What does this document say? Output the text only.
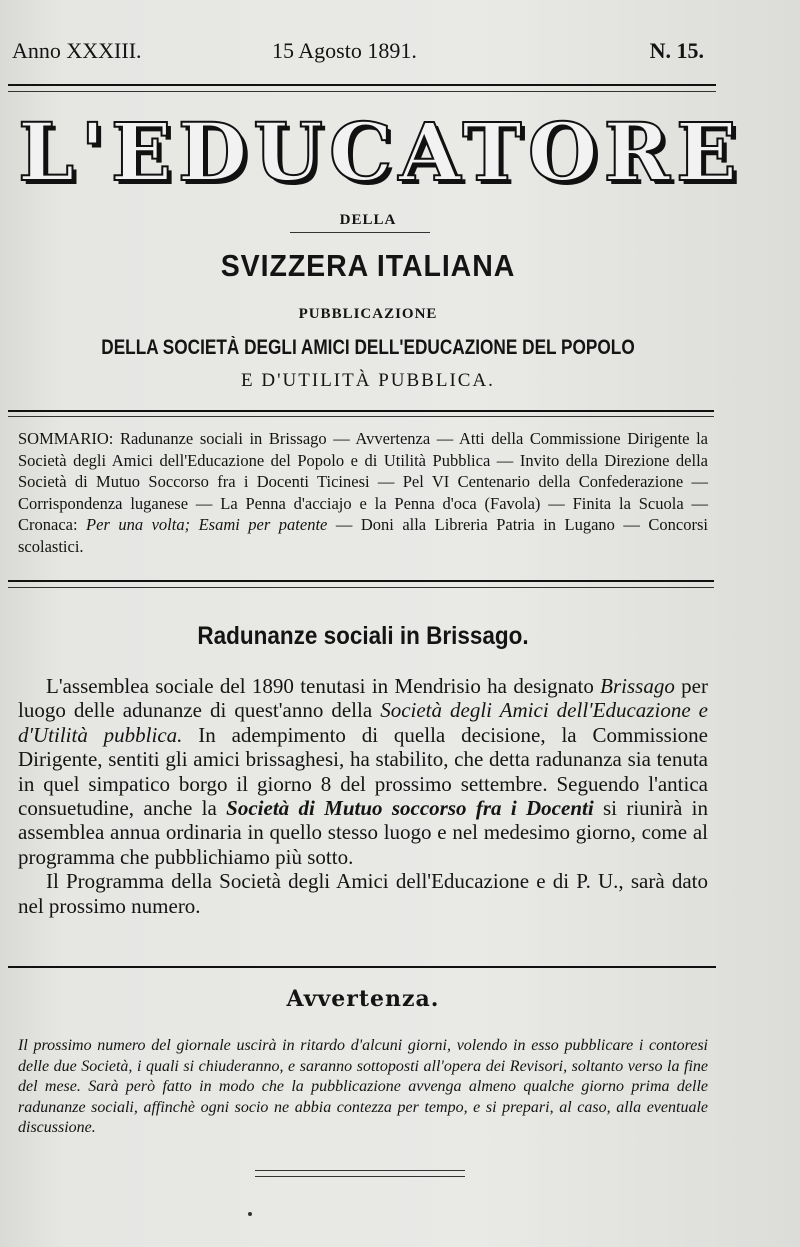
Anno XXXIII.	15 Agosto 1891.	N. 15.
L'EDUCATORE
DELLA
SVIZZERA ITALIANA
PUBBLICAZIONE
DELLA SOCIETÀ DEGLI AMICI DELL'EDUCAZIONE DEL POPOLO
E D'UTILITÀ PUBBLICA.
SOMMARIO: Radunanze sociali in Brissago — Avvertenza — Atti della Commissione Dirigente la Società degli Amici dell'Educazione del Popolo e di Utilità Pubblica — Invito della Direzione della Società di Mutuo Soccorso fra i Docenti Ticinesi — Pel VI Centenario della Confederazione — Corrispondenza luganese — La Penna d'acciajo e la Penna d'oca (Favola) — Finita la Scuola — Cronaca: Per una volta; Esami per patente — Doni alla Libreria Patria in Lugano — Concorsi scolastici.
Radunanze sociali in Brissago.

L'assemblea sociale del 1890 tenutasi in Mendrisio ha designato Brissago per luogo delle adunanze di quest'anno della Società degli Amici dell'Educazione e d'Utilità pubblica. In adempimento di quella decisione, la Commissione Dirigente, sentiti gli amici brissaghesi, ha stabilito, che detta radunanza sia tenuta in quel simpatico borgo il giorno 8 del prossimo settembre. Seguendo l'antica consuetudine, anche la Società di Mutuo soccorso fra i Docenti si riunirà in assemblea annua ordinaria in quello stesso luogo e nel medesimo giorno, come al programma che pubblichiamo più sotto.

Il Programma della Società degli Amici dell'Educazione e di P. U., sarà dato nel prossimo numero.

Avvertenza.
Il prossimo numero del giornale uscirà in ritardo d'alcuni giorni, volendo in esso pubblicare i contoresi delle due Società, i quali si chiuderanno, e saranno sottoposti all'opera dei Revisori, soltanto verso la fine del mese. Sarà però fatto in modo che la pubblicazione avvenga almeno qualche giorno prima delle radunanze sociali, affinchè ogni socio ne abbia contezza per tempo, e si prepari, al caso, alla eventuale discussione.
